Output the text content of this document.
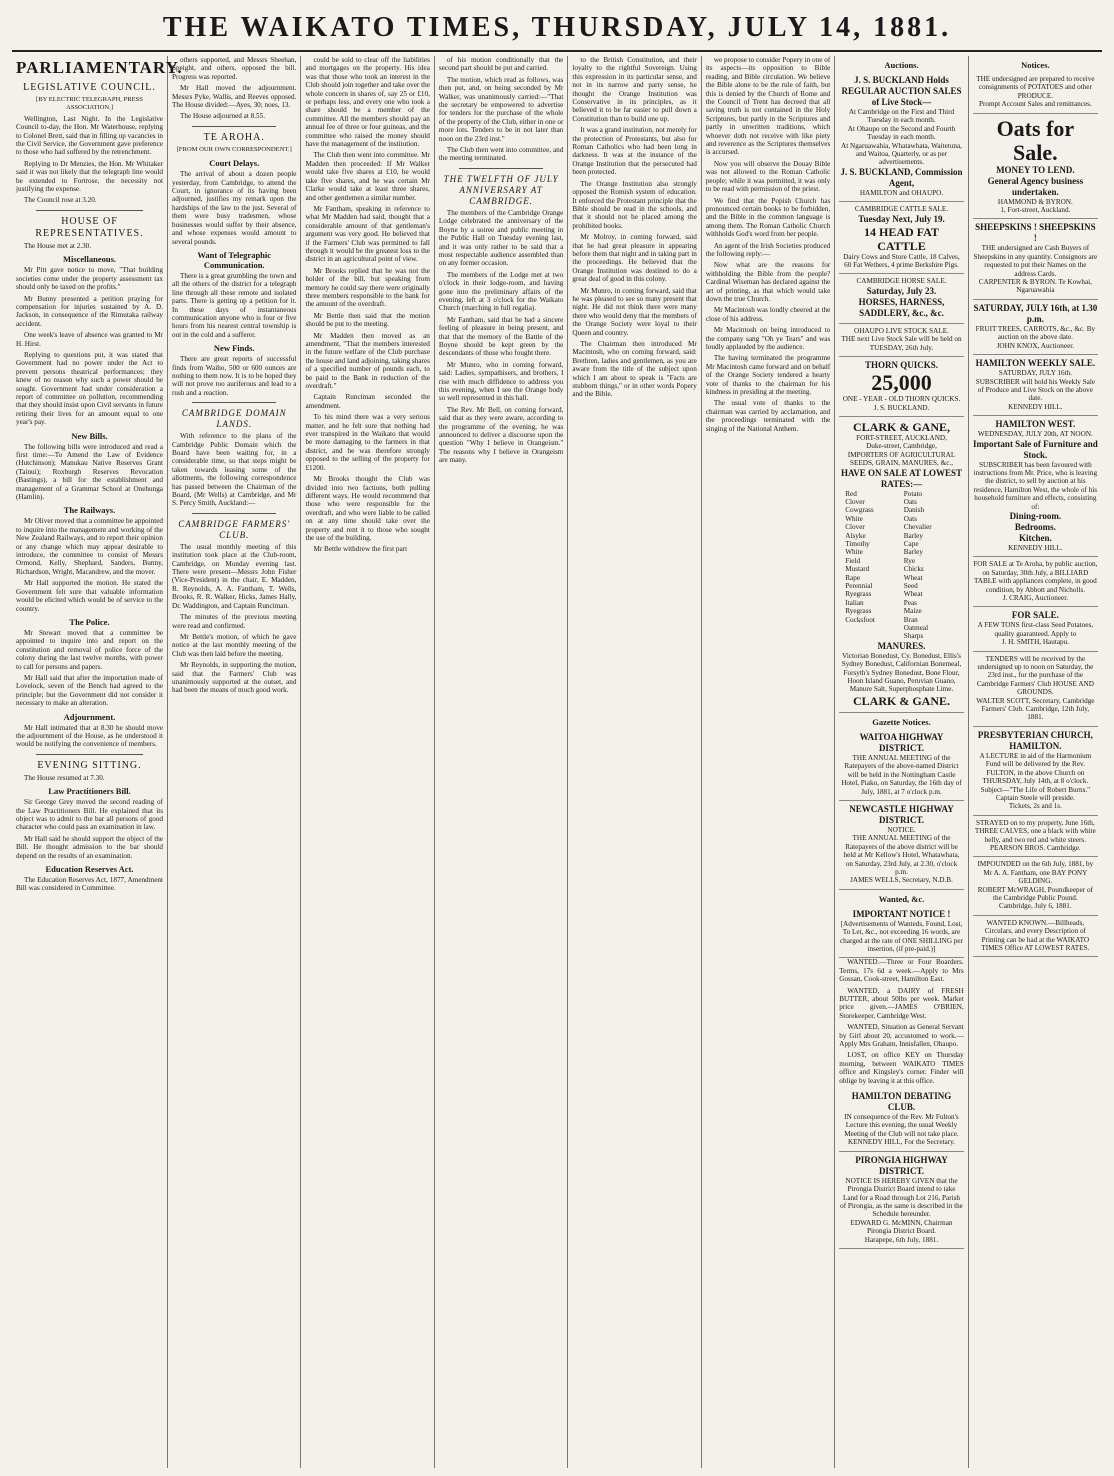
THE WAIKATO TIMES, THURSDAY, JULY 14, 1881.
PARLIAMENTARY.
LEGISLATIVE COUNCIL.
[BY ELECTRIC TELEGRAPH, PRESS ASSOCIATION.]

Wellington, Last Night. In the Legislative Council to-day, the Hon. Mr Waterhouse, replying to Colonel Brett, said that in filling up vacancies in the Civil Service, the Government gave preference to those who had suffered by the retrenchment.

Replying to Dr Menzies, the Hon. Mr Whitaker said it was not likely that the telegraph line would be extended to Fortrose, the necessity not justifying the expense.

The Council rose at 3.20.

HOUSE OF REPRESENTATIVES.

The House met at 2.30.

Miscellaneous.

Mr Pitt gave notice to move, "That building societies come under the property assessment tax should only be taxed on the profits."

Mr Bunny presented a petition praying for compensation for injuries sustained by A. D. Jackson, in consequence of the Rimutaka railway accident.

One week's leave of absence was granted to Mr H. Hirst.

Replying to questions put, it was stated that Government had no power under the Act to prevent persons theatrical performances; they knew of no reason why such a power should be sought. Government had under consideration a report of committee on pollution, recommending that they should insist upon Civil servants in future retiring their lives for an amount equal to one year's pay.

New Bills.

The following bills were introduced and read a first time:—To Amend the Law of Evidence (Hutchinson); Manukau Native Reserves Grant (Tainui); Roxburgh Reserves Revocation (Bastings), a bill for the establishment and management of a Grammar School at Onehunga (Hamlin).

The Railways.

Mr Oliver moved that a committee be appointed to inquire into the management and working of the New Zealand Railways, and to report their opinion or any change which may appear desirable to introduce, the committee to consist of Messrs Ormond, Kelly, Shephard, Sanders, Bunny, Richardson, Wright, Macandrew, and the mover.

Mr Hall supported the motion. He stated the Government felt sure that valuable information would be elicited which would be of service to the country.

The Police.

Mr Stewart moved that a committee be appointed to inquire into and report on the constitution and removal of police force of the colony during the last twelve months, with power to call for persons and papers.

Mr Hall said that after the importation made of Lovelock, seven of the Bench had agreed to the principle; but the Government did not consider it necessary to make an alteration.

Adjournment.

Mr Hall intimated that at 8.30 he should move the adjournment of the House, as he understood it would be notifying the convenience of members.

EVENING SITTING.

The House resumed at 7.30.

Law Practitioners Bill.

Sir George Grey moved the second reading of the Law Practitioners Bill. He explained that its object was to admit to the bar all persons of good character who could pass an examination in law.

Mr Hall said he should support the object of the Bill. He thought admission to the bar should depend on the results of an examination.

Education Reserves Act.

The Education Reserves Act, 1877, Amendment Bill was considered in Committee.

others supported, and Messrs Sheehan, Speight, and others, opposed the bill. Progress was reported.

Mr Hall moved the adjournment. Messrs Pyke, Wallis, and Reeves opposed. The House divided:—Ayes, 30; noes, 13.

The House adjourned at 8.55.

TE AROHA.
[FROM OUR OWN CORRESPONDENT.]
Court Delays.

The arrival of about a dozen people yesterday, from Cambridge, to attend the Court, in ignorance of its having been adjourned, justifies my remark upon the hardships of the law to the just. Several of them were busy tradesmen, whose businesses would suffer by their absence, and whose expenses would amount to several pounds.

Want of Telegraphic Communication.

There is a great grumbling the town and all the others of the district for a telegraph line through all these remote and isolated parts. There is getting up a petition for it. In these days of instantaneous communication anyone who is four or five hours from his nearest central township is out in the cold and a sufferer.

New Finds.

There are great reports of successful finds from Waiho, 500 or 600 ounces are nothing to them now. It is to be hoped they will not prove too auriferous and lead to a rush and a reaction.

CAMBRIDGE DOMAIN LANDS.

With reference to the plans of the Cambridge Public Domain which the Board have been waiting for, in a considerable time, so that steps might be taken towards leasing some of the allotments, the following correspondence has passed between the Chairman of the Board, (Mr Wells) at Cambridge, and Mr S. Percy Smith, Auckland:—

CAMBRIDGE FARMERS' CLUB.

The usual monthly meeting of this institution took place at the Club-room, Cambridge, on Monday evening last. There were present—Messrs John Fisher (Vice-President) in the chair, E. Madden, R. Reynolds, A. A. Fantham, T. Wells, Brooks, R. R. Walker, Hicks, James Hally, Dr. Waddington, and Captain Runciman.

The minutes of the previous meeting were read and confirmed.

Mr Bettle's motion, of which he gave notice at the last monthly meeting of the Club was then laid before the meeting.

Mr Reynolds, in supporting the motion, said that the Farmers' Club was unanimously supported at the outset, and had been the means of much good work.

could be sold to clear off the liabilities and mortgages on the property. His idea was that those who took an interest in the Club should join together and take over the whole concern in shares of, say 25 or £10, or perhaps less, and every one who took a share should be a member of the committee. All the members should pay an annual fee of three or four guineas, and the committee who raised the money should have the management of the institution.

The Club then went into committee. Mr Madden then proceeded: If Mr Walker would take five shares at £10, he would take five shares, and he was certain Mr Clarke would take at least three shares, and other gentlemen a similar number.

Mr Fantham, speaking in reference to what Mr Madden had said, thought that a considerable amount of that gentleman's argument was very good. He believed that if the Farmers' Club was permitted to fall through it would be the greatest loss to the district in an agricultural point of view.

Mr Brooks replied that he was not the holder of the bill, but speaking from memory he could say there were originally three members responsible to the bank for the amount of the overdraft.

Mr Bettle then said that the motion should be put to the meeting.

Mr Madden then moved as an amendment, "That the members interested in the future welfare of the Club purchase the house and land adjoining, taking shares of a specified number of pounds each, to be paid to the Bank in reduction of the overdraft."

Captain Runciman seconded the amendment.

To his mind there was a very serious matter, and he felt sure that nothing had ever transpired in the Waikato that would be more damaging to the farmers in that district, and he was therefore strongly opposed to the selling of the property for £1200.

Mr Brooks thought the Club was divided into two factions, both pulling different ways. He would recommend that those who were responsible for the overdraft, and who were liable to be called on at any time should take over the property and rent it to those who sought the use of the building.

Mr Bettle withdrew the first part

of his motion conditionally that the second part should be put and carried.

The motion, which read as follows, was then put, and, on being seconded by Mr Walker, was unanimously carried:—"That the secretary be empowered to advertise for tenders for the purchase of the whole of the property of the Club, either in one or more lots. Tenders to be in not later than noon on the 23rd inst."

The Club then went into committee, and the meeting terminated.

THE TWELFTH OF JULY ANNIVERSARY AT CAMBRIDGE.

The members of the Cambridge Orange Lodge celebrated the anniversary of the Boyne by a soiree and public meeting in the Public Hall on Tuesday evening last, and it was only rather to be said that a most respectable audience assembled than on any former occasion.

The members of the Lodge met at two o'clock in their lodge-room, and having gone into the preliminary affairs of the evening, left at 3 o'clock for the Waikato Church (marching in full regalia).

Mr Fantham, said that he had a sincere feeling of pleasure in being present, and that that the memory of the Battle of the Boyne should be kept green by the descendants of those who fought there.

Mr Munro, who in coming forward, said: Ladies, sympathisers, and brothers, I rise with much diffidence to address you this evening, when I see the Orange body so well represented in this hall.

The Rev. Mr Bell, on coming forward, said that as they were aware, according to the programme of the evening, he was announced to deliver a discourse upon the question "Why I believe in Orangeism." The reasons why I believe in Orangeism are many.

to the British Constitution, and their loyalty to the rightful Sovereign. Using this expression in its particular sense, and not in its narrow and party sense, he thought the Orange Institution was Conservative in its principles, as it believed it to be far easier to pull down a Constitution than to build one up.

It was a grand institution, not merely for the protection of Protestants, but also for Roman Catholics who had been long in darkness. It was at the instance of the Orange Institution that the persecuted had been protected.

The Orange Institution also strongly opposed the Romish system of education. It enforced the Protestant principle that the Bible should be read in the schools, and that it should not be placed among the prohibited books.

Mr Molroy, in coming forward, said that he had great pleasure in appearing before them that night and in taking part in the proceedings. He believed that the Orange Institution was destined to do a great deal of good in this colony.

Mr Munro, in coming forward, said that he was pleased to see so many present that night. He did not think there were many there who would deny that the members of the Orange Society were loyal to their Queen and country.

The Chairman then introduced Mr Macintosh, who on coming forward, said: Brethren, ladies and gentlemen, as you are aware from the title of the subject upon which I am about to speak is "Facts are stubborn things," or in other words Popery and the Bible.

we propose to consider Popery in one of its aspects—its opposition to Bible reading, and Bible circulation. We believe the Bible alone to be the rule of faith, but this is denied by the Church of Rome and the Council of Trent has decreed that all saving truth is not contained in the Holy Scriptures, but partly in the Scriptures and partly in unwritten traditions, which whoever doth not receive with like piety and reverence as the Scriptures themselves is accursed.

Now you will observe the Douay Bible was not allowed to the Roman Catholic people; while it was permitted, it was only to be read with permission of the priest.

We find that the Popish Church has pronounced certain books to be forbidden, and the Bible in the common language is among them. The Roman Catholic Church withholds God's word from her people.

An agent of the Irish Societies produced the following reply:—

Now what are the reasons for withholding the Bible from the people? Cardinal Wiseman has declared against the art of printing, as that which would take down the true Church.

Mr Macintosh was loudly cheered at the close of his address.

Mr Macintosh on being introduced to the company sang "Oh ye Tears" and was loudly applauded by the audience.

The having terminated the programme Mr Macintosh came forward and on behalf of the Orange Society tendered a hearty vote of thanks to the chairman for his kindness in presiding at the meeting.

The usual vote of thanks to the chairman was carried by acclamation, and the proceedings terminated with the singing of the National Anthem.

Auctions.
J. S. BUCKLAND Holds REGULAR AUCTION SALES of Live Stock—
At Cambridge on the First and Third Tuesday in each month.
At Ohaupo on the Second and Fourth Tuesday in each month.
At Ngaruawahia, Whatawhata, Waitetuna, and Waitoa, Quarterly, or as per advertisements.
J. S. BUCKLAND, Commission Agent,
HAMILTON and OHAUPO.
CAMBRIDGE CATTLE SALE.
Tuesday Next, July 19.
14 HEAD FAT CATTLE
Dairy Cows and Store Cattle, 18 Calves, 60 Fat Wethers, 4 prime Berkshire Pigs.
CAMBRIDGE HORSE SALE.
Saturday, July 23.
HORSES, HARNESS, SADDLERY, &c., &c.
OHAUPO LIVE STOCK SALE.
THE next Live Stock Sale will be held on TUESDAY, 26th July.
THORN QUICKS.
25,000
ONE - YEAR - OLD THORN QUICKS.
J. S. BUCKLAND.
CLARK & GANE,
FORT-STREET, AUCKLAND,
Duke-street, Cambridge,
IMPORTERS OF AGRICULTURAL SEEDS, GRAIN, MANURES, &c.,
HAVE ON SALE AT LOWEST RATES:—
Red Clover
Cowgrass
White Clover
Alsyke
Timothy
White Field Mustard
Rape
Perennial Ryegrass
Italian Ryegrass
Cocksfoot
Potato Oats
Danish Oats
Chevalier Barley
Cape Barley
Rye
Chicks Wheat
Seed Wheat
Peas
Maize
Bran
Oatmeal
Sharps
MANURES.
Victorian Bonedust, Cy. Bonedust, Ellis's Sydney Bonedust, Californian Bonemeal, Forsyth's Sydney Bonedust, Bone Flour, Hoon Island Guano, Peruvian Guano, Manure Salt, Superphosphate Lime.
CLARK & GANE.
Gazette Notices.
WAITOA HIGHWAY DISTRICT.
THE ANNUAL MEETING of the Ratepayers of the above-named District will be held in the Nottingham Castle Hotel, Piako, on Saturday, the 16th day of July, 1881, at 7 o'clock p.m.
NEWCASTLE HIGHWAY DISTRICT.
NOTICE.
THE ANNUAL MEETING of the Ratepayers of the above district will be held at Mr Kellow's Hotel, Whatawhata, on Saturday, 23rd July, at 2.30, o'clock p.m.
JAMES WELLS, Secretary, N.D.B.
Wanted, &c.
IMPORTANT NOTICE !
[Advertisements of Wanteds, Found, Lost, To Let, &c., not exceeding 16 words, are charged at the rate of ONE SHILLING per insertion, (if pre-paid.)]

WANTED.—Three or Four Boarders. Terms, 17s 6d a week.—Apply to Mrs Gossan, Cook-street, Hamilton East.

WANTED, a DAIRY of FRESH BUTTER, about 50lbs per week. Market price given.—JAMES O'BRIEN, Storekeeper, Cambridge West.

WANTED, Situation as General Servant by Girl about 20, accustomed to work.—Apply Mrs Graham, Innisfallen, Ohaupo.

LOST, on office KEY on Thursday morning, between WAIKATO TIMES office and Kingsley's corner. Finder will oblige by leaving it at this office.

HAMILTON DEBATING CLUB.
IN consequence of the Rev. Mr Fulton's Lecture this evening, the usual Weekly Meeting of the Club will not take place.
KENNEDY HILL, For the Secretary.
PIRONGIA HIGHWAY DISTRICT.
NOTICE IS HEREBY GIVEN that the Pirongia District Board intend to take Land for a Road through Lot 216, Parish of Pirongia, as the same is described in the Schedule hereunder.
EDWARD G. McMINN, Chairman Pirongia District Board.
Harapepe, 6th July, 1881.
Notices.
THE undersigned are prepared to receive consignments of POTATOES and other PRODUCE.
Prompt Account Sales and remittances.
Oats for Sale.
MONEY TO LEND.
General Agency business undertaken.
HAMMOND & BYRON.
1, Fort-street, Auckland.
SHEEPSKINS ! SHEEPSKINS !
THE undersigned are Cash Buyers of Sheepskins in any quantity. Consignors are requested to put their Names on the address Cards.
CARPENTER & BYRON. Te Kowhai, Ngaruawahia
SATURDAY, JULY 16th, at 1.30 p.m.
FRUIT TREES, CARROTS, &c., &c. By auction on the above date.
JOHN KNOX, Auctioneer.
HAMILTON WEEKLY SALE.
SATURDAY, JULY 16th.
SUBSCRIBER will hold his Weekly Sale of Produce and Live Stock on the above date.
KENNEDY HILL.
HAMILTON WEST.
WEDNESDAY, JULY 20th, AT NOON.
Important Sale of Furniture and Stock.
SUBSCRIBER has been favoured with instructions from Mr. Price, who is leaving the district, to sell by auction at his residence, Hamilton West, the whole of his household furniture and effects, consisting of:
Dining-room.
Bedrooms.
Kitchen.
KENNEDY HILL.
FOR SALE at Te Aroha, by public auction, on Saturday, 30th July, a BILLIARD TABLE with appliances complete, in good condition, by Abbott and Nicholls.
J. CRAIG, Auctioneer.
FOR SALE.
A FEW TONS first-class Seed Potatoes, quality guaranteed. Apply to
J. H. SMITH, Hautapu.
TENDERS will be received by the undersigned up to noon on Saturday, the 23rd inst., for the purchase of the Cambridge Farmers' Club HOUSE AND GROUNDS.
WALTER SCOTT, Secretary, Cambridge Farmers' Club. Cambridge, 12th July, 1881.
PRESBYTERIAN CHURCH, HAMILTON.
A LECTURE in aid of the Harmonium Fund will be delivered by the Rev. FULTON, in the above Church on THURSDAY, July 14th, at 8 o'clock. Subject—"The Life of Robert Burns." Captain Steele will preside.
Tickets, 2s and 1s.
STRAYED on to my property, June 16th, THREE CALVES, one a black with white belly, and two red and white steers.
PEARSON BROS. Cambridge.
IMPOUNDED on the 6th July, 1881, by Mr A. A. Fantham, one BAY PONY GELDING.
ROBERT McWRAGH, Poundkeeper of the Cambridge Public Pound.
Cambridge, July 6, 1881.
WANTED KNOWN.—Billheads, Circulars, and every Description of Printing can be had at the WAIKATO TIMES Office AT LOWEST RATES.
